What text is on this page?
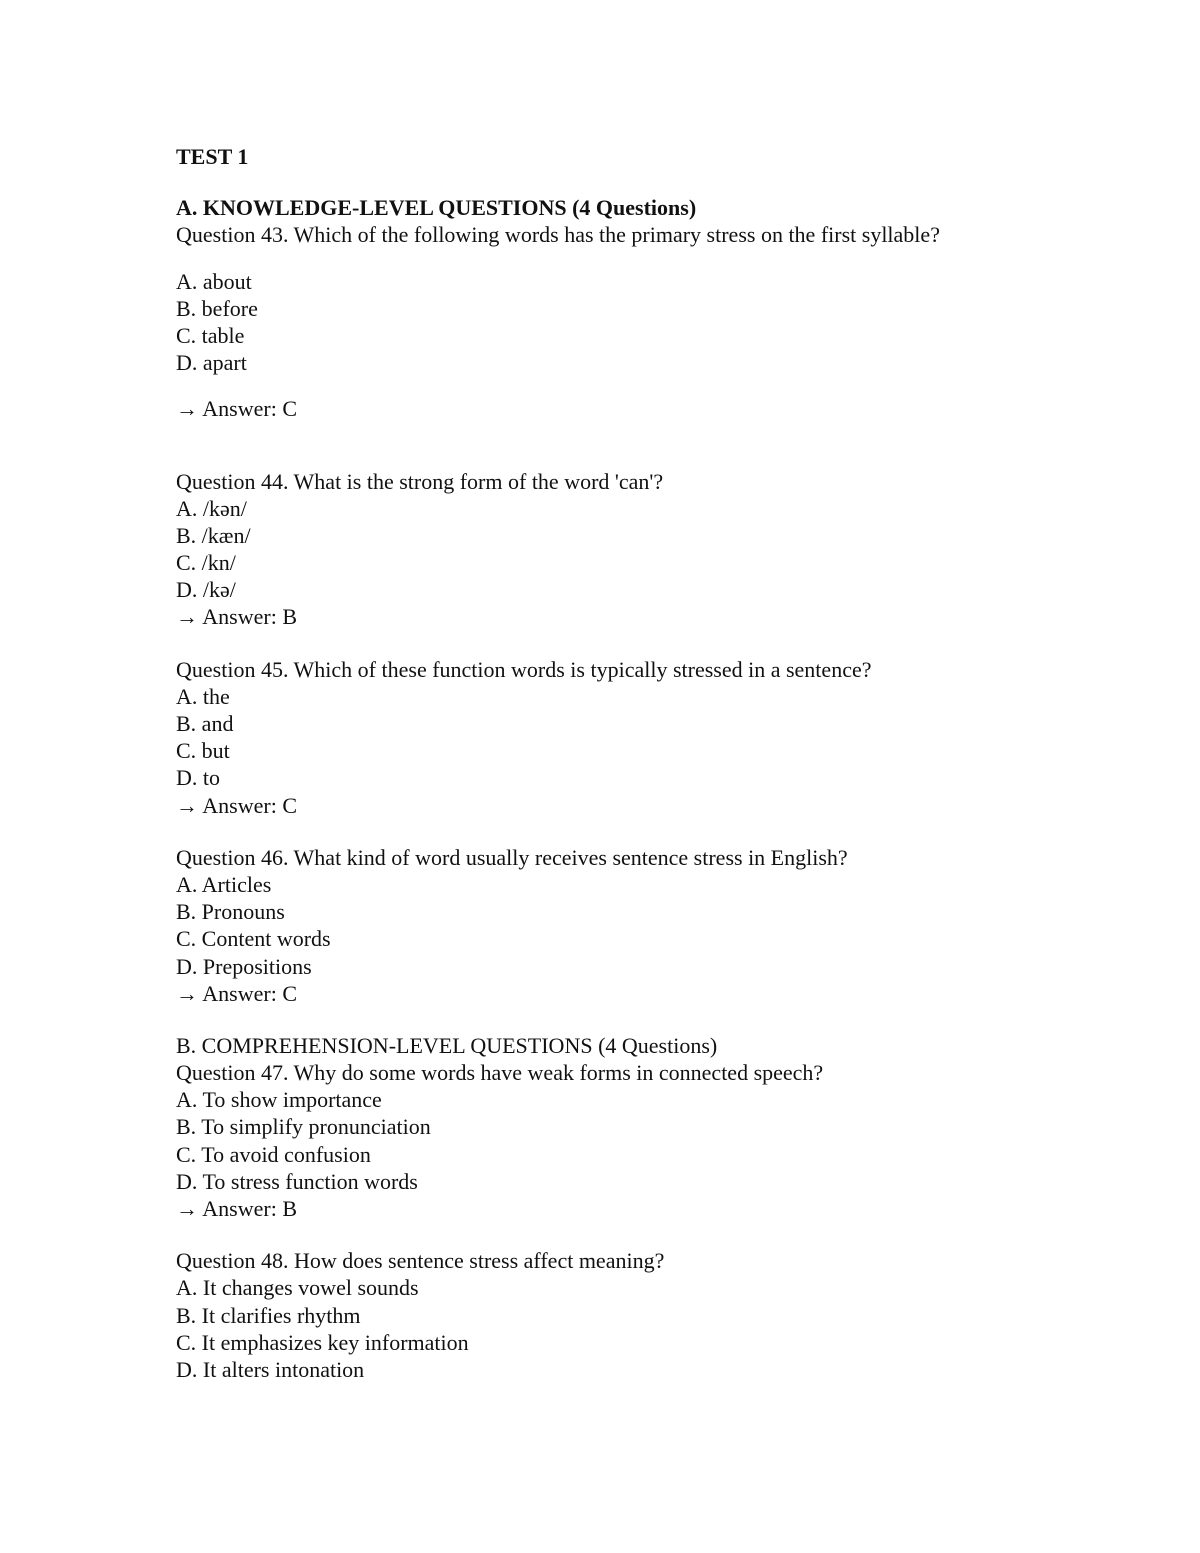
TEST 1
A. KNOWLEDGE-LEVEL QUESTIONS (4 Questions)
Question 43. Which of the following words has the primary stress on the first syllable?
A. about
B. before
C. table
D. apart
→ Answer: C
Question 44. What is the strong form of the word 'can'?
A. /kən/
B. /kæn/
C. /kn/
D. /kə/
→ Answer: B
Question 45. Which of these function words is typically stressed in a sentence?
A. the
B. and
C. but
D. to
→ Answer: C
Question 46. What kind of word usually receives sentence stress in English?
A. Articles
B. Pronouns
C. Content words
D. Prepositions
→ Answer: C
B. COMPREHENSION-LEVEL QUESTIONS (4 Questions)
Question 47. Why do some words have weak forms in connected speech?
A. To show importance
B. To simplify pronunciation
C. To avoid confusion
D. To stress function words
→ Answer: B
Question 48. How does sentence stress affect meaning?
A. It changes vowel sounds
B. It clarifies rhythm
C. It emphasizes key information
D. It alters intonation
